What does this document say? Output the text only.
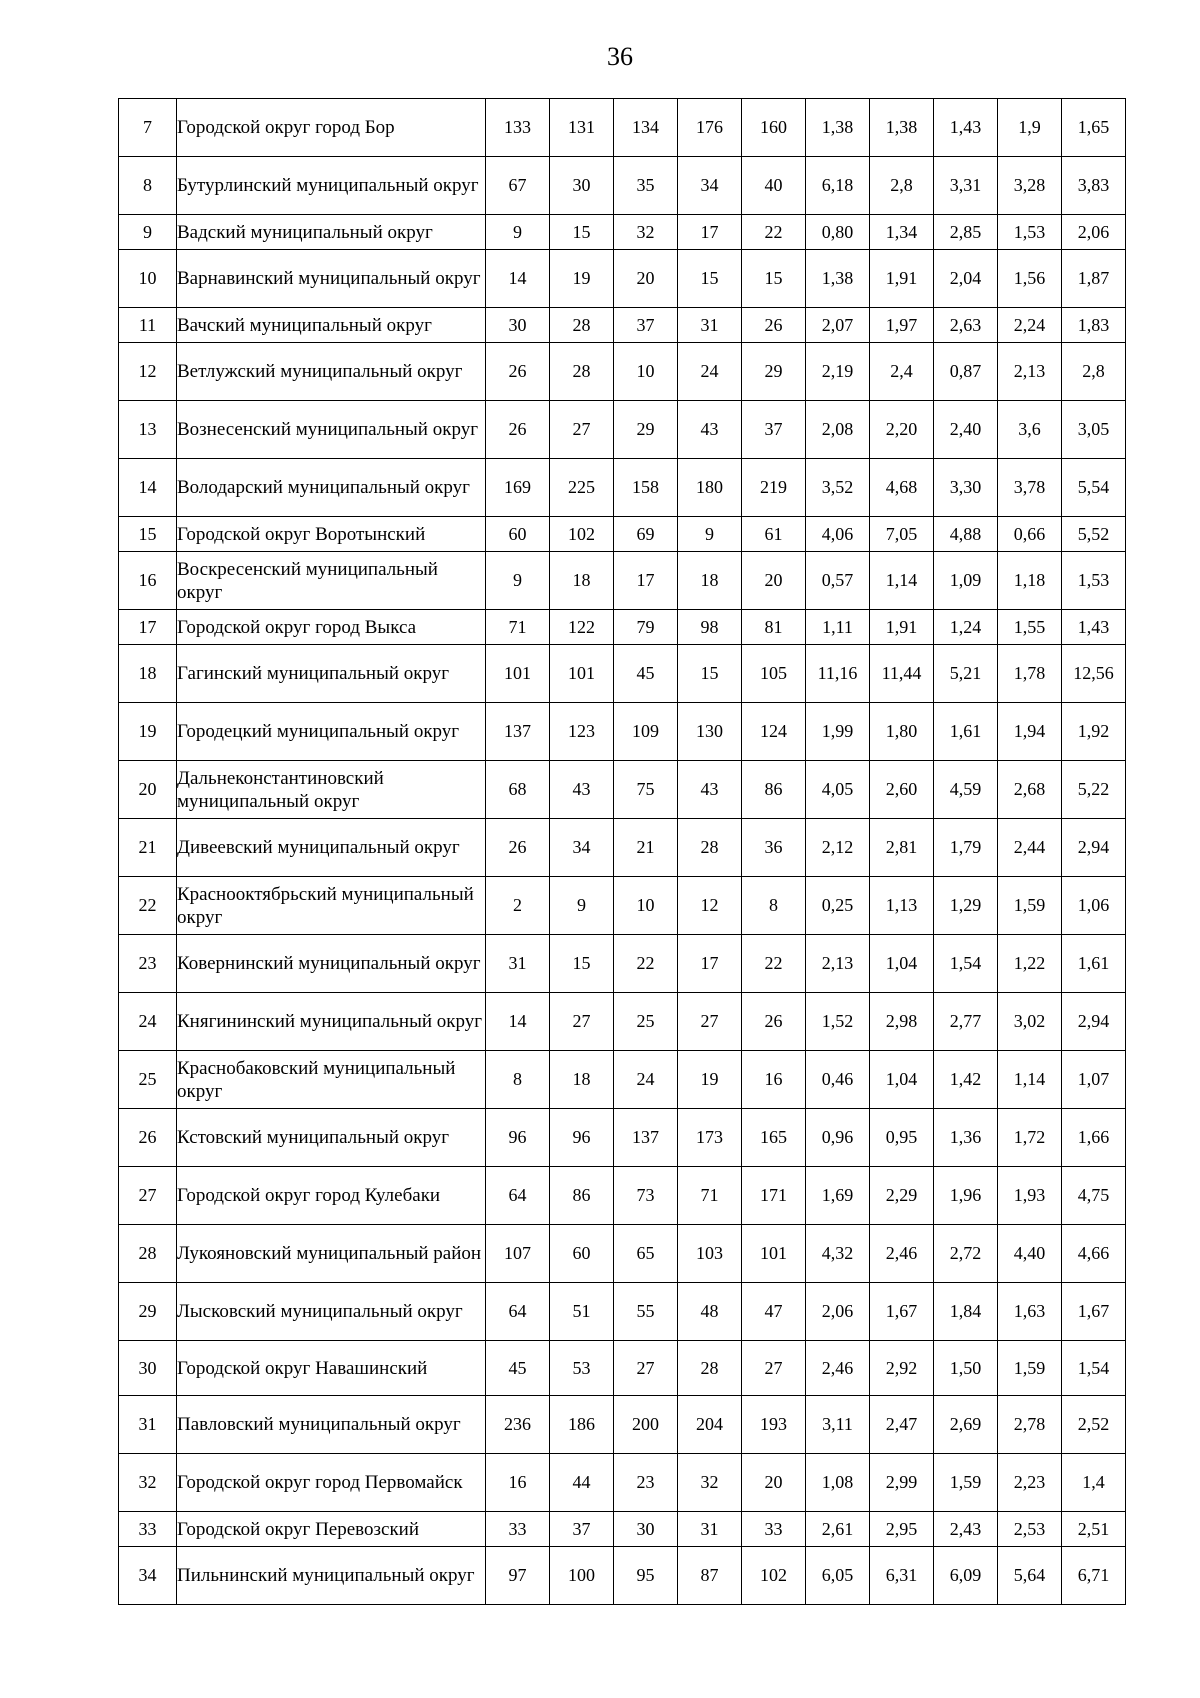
36
7	Городской округ город Бор	133	131	134	176	160	1,38	1,38	1,43	1,9	1,65
8	Бутурлинский муниципальный округ	67	30	35	34	40	6,18	2,8	3,31	3,28	3,83
9	Вадский муниципальный округ	9	15	32	17	22	0,80	1,34	2,85	1,53	2,06
10	Варнавинский муниципальный округ	14	19	20	15	15	1,38	1,91	2,04	1,56	1,87
11	Вачский муниципальный округ	30	28	37	31	26	2,07	1,97	2,63	2,24	1,83
12	Ветлужский муниципальный округ	26	28	10	24	29	2,19	2,4	0,87	2,13	2,8
13	Вознесенский муниципальный округ	26	27	29	43	37	2,08	2,20	2,40	3,6	3,05
14	Володарский муниципальный округ	169	225	158	180	219	3,52	4,68	3,30	3,78	5,54
15	Городской округ Воротынский	60	102	69	9	61	4,06	7,05	4,88	0,66	5,52
16	Воскресенский муниципальный округ	9	18	17	18	20	0,57	1,14	1,09	1,18	1,53
17	Городской округ город Выкса	71	122	79	98	81	1,11	1,91	1,24	1,55	1,43
18	Гагинский муниципальный округ	101	101	45	15	105	11,16	11,44	5,21	1,78	12,56
19	Городецкий муниципальный округ	137	123	109	130	124	1,99	1,80	1,61	1,94	1,92
20	Дальнеконстантиновский муниципальный округ	68	43	75	43	86	4,05	2,60	4,59	2,68	5,22
21	Дивеевский муниципальный округ	26	34	21	28	36	2,12	2,81	1,79	2,44	2,94
22	Краснооктябрьский муниципальный округ	2	9	10	12	8	0,25	1,13	1,29	1,59	1,06
23	Ковернинский муниципальный округ	31	15	22	17	22	2,13	1,04	1,54	1,22	1,61
24	Княгининский муниципальный округ	14	27	25	27	26	1,52	2,98	2,77	3,02	2,94
25	Краснобаковский муниципальный округ	8	18	24	19	16	0,46	1,04	1,42	1,14	1,07
26	Кстовский муниципальный округ	96	96	137	173	165	0,96	0,95	1,36	1,72	1,66
27	Городской округ город Кулебаки	64	86	73	71	171	1,69	2,29	1,96	1,93	4,75
28	Лукояновский муниципальный район	107	60	65	103	101	4,32	2,46	2,72	4,40	4,66
29	Лысковский муниципальный округ	64	51	55	48	47	2,06	1,67	1,84	1,63	1,67
30	Городской округ Навашинский	45	53	27	28	27	2,46	2,92	1,50	1,59	1,54
31	Павловский муниципальный округ	236	186	200	204	193	3,11	2,47	2,69	2,78	2,52
32	Городской округ город Первомайск	16	44	23	32	20	1,08	2,99	1,59	2,23	1,4
33	Городской округ Перевозский	33	37	30	31	33	2,61	2,95	2,43	2,53	2,51
34	Пильнинский муниципальный округ	97	100	95	87	102	6,05	6,31	6,09	5,64	6,71
